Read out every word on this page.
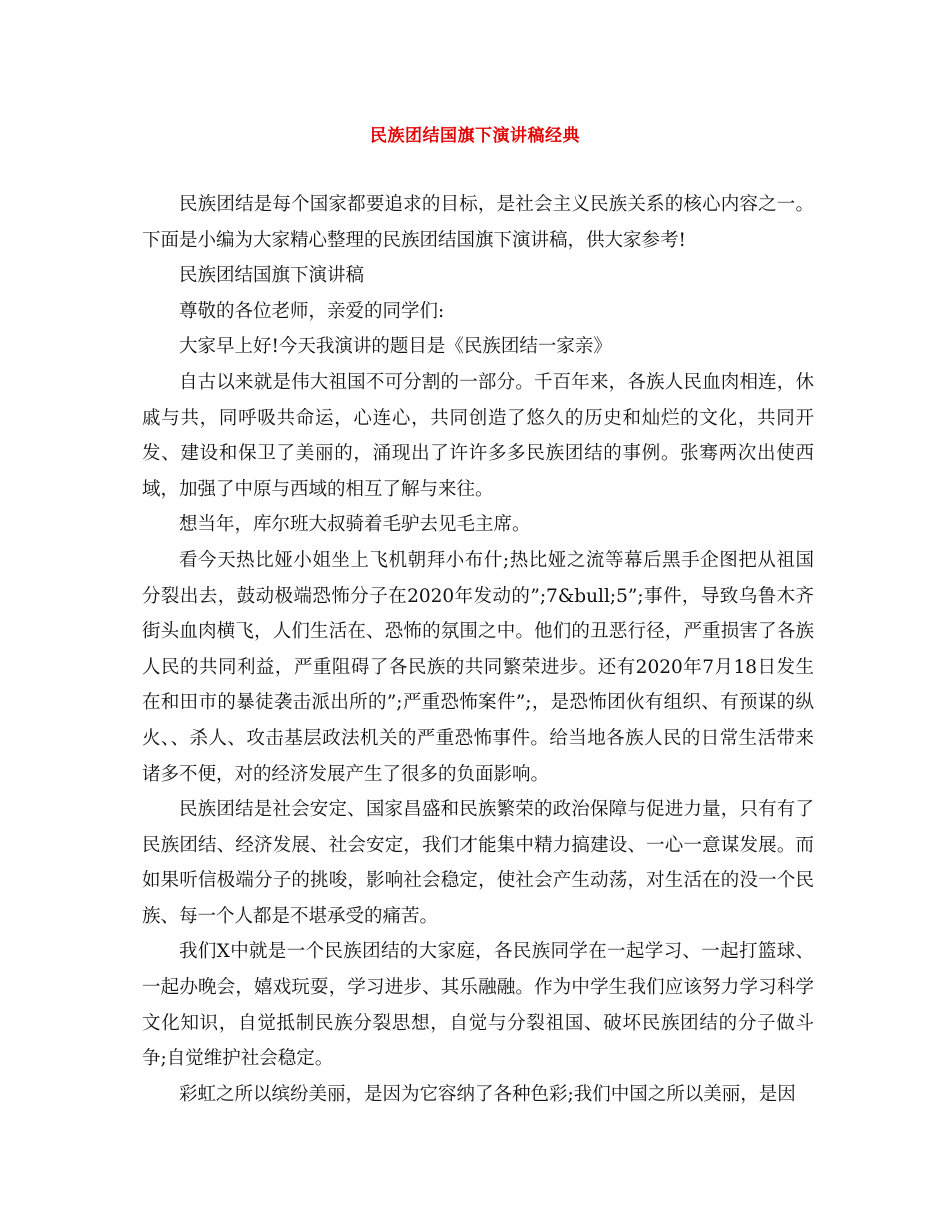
民族团结国旗下演讲稿经典

民族团结是每个国家都要追求的目标，是社会主义民族关系的核心内容之一。下面是小编为大家精心整理的民族团结国旗下演讲稿，供大家参考!

民族团结国旗下演讲稿

尊敬的各位老师，亲爱的同学们:

大家早上好!今天我演讲的题目是《民族团结一家亲》

自古以来就是伟大祖国不可分割的一部分。千百年来，各族人民血肉相连，休戚与共，同呼吸共命运，心连心，共同创造了悠久的历史和灿烂的文化，共同开发、建设和保卫了美丽的，涌现出了许许多多民族团结的事例。张骞两次出使西域，加强了中原与西域的相互了解与来往。

想当年，库尔班大叔骑着毛驴去见毛主席。

看今天热比娅小姐坐上飞机朝拜小布什;热比娅之流等幕后黑手企图把从祖国分裂出去，鼓动极端恐怖分子在2020年发动的”;7&bull;5”;事件，导致乌鲁木齐街头血肉横飞，人们生活在、恐怖的氛围之中。他们的丑恶行径，严重损害了各族人民的共同利益，严重阻碍了各民族的共同繁荣进步。还有2020年7月18日发生在和田市的暴徒袭击派出所的”;严重恐怖案件”;，是恐怖团伙有组织、有预谋的纵火、、杀人、攻击基层政法机关的严重恐怖事件。给当地各族人民的日常生活带来诸多不便，对的经济发展产生了很多的负面影响。

民族团结是社会安定、国家昌盛和民族繁荣的政治保障与促进力量，只有有了民族团结、经济发展、社会安定，我们才能集中精力搞建设、一心一意谋发展。而如果听信极端分子的挑唆，影响社会稳定，使社会产生动荡，对生活在的没一个民族、每一个人都是不堪承受的痛苦。

我们X中就是一个民族团结的大家庭，各民族同学在一起学习、一起打篮球、一起办晚会，嬉戏玩耍，学习进步、其乐融融。作为中学生我们应该努力学习科学文化知识，自觉抵制民族分裂思想，自觉与分裂祖国、破坏民族团结的分子做斗争;自觉维护社会稳定。

彩虹之所以缤纷美丽，是因为它容纳了各种色彩;我们中国之所以美丽，是因
